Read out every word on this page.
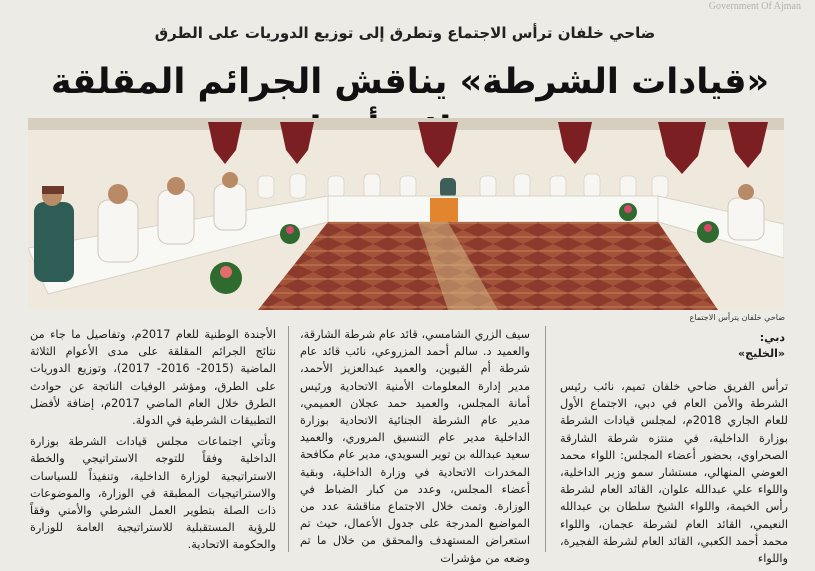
Government Of Ajman
ضاحي خلفان ترأس الاجتماع وتطرق إلى توزيع الدوريات على الطرق
«قيادات الشرطة» يناقش الجرائم المقلقة
ضاحي خلفان يترأس الاجتماع
دبي:
«الخليج»

ترأس الفريق ضاحي خلفان تميم، نائب رئيس الشرطة والأمن العام في دبي، الاجتماع الأول للعام الجاري 2018م، لمجلس قيادات الشرطة بوزارة الداخلية، في منتزه شرطة الشارقة الصحراوي، بحضور أعضاء المجلس: اللواء محمد العوضي المنهالي، مستشار سمو وزير الداخلية، واللواء علي عبدالله علوان، القائد العام لشرطة رأس الخيمة، واللواء الشيخ سلطان بن عبدالله النعيمي، القائد العام لشرطة عجمان، واللواء محمد أحمد الكعبي، القائد العام لشرطة الفجيرة، واللواء

سيف الزري الشامسي، قائد عام شرطة الشارقة، والعميد د. سالم أحمد المزروعي، نائب قائد عام شرطة أم القيوين، والعميد عبدالعزيز الأحمد، مدير إدارة المعلومات الأمنية الاتحادية ورئيس أمانة المجلس، والعميد حمد عجلان العميمي، مدير عام الشرطة الجنائية الاتحادية بوزارة الداخلية مدير عام التنسيق المروري، والعميد سعيد عبدالله بن توير السويدي، مدير عام مكافحة المخدرات الاتحادية في وزارة الداخلية، وبقية أعضاء المجلس، وعدد من كبار الضباط في الوزارة. وتمت خلال الاجتماع مناقشة عدد من المواضيع المدرجة على جدول الأعمال، حيث تم استعراض المستهدف والمحقق من خلال ما تم وضعه من مؤشرات

الأجندة الوطنية للعام 2017م، وتفاصيل ما جاء من نتائج الجرائم المقلقة على مدى الأعوام الثلاثة الماضية (2015- 2016- 2017)، وتوزيع الدوريات على الطرق، ومؤشر الوفيات الناتجة عن حوادث الطرق خلال العام الماضي 2017م، إضافة لأفضل التطبيقات الشرطية في الدولة.

وتأتي اجتماعات مجلس قيادات الشرطة بوزارة الداخلية وفقاً للتوجه الاستراتيجي والخطة الاستراتيجية لوزارة الداخلية، وتنفيذاً للسياسات والاستراتيجيات المطبقة في الوزارة، والموضوعات ذات الصلة بتطوير العمل الشرطي والأمني وفقاً للرؤية المستقبلية للاستراتيجية العامة للوزارة والحكومة الاتحادية.
